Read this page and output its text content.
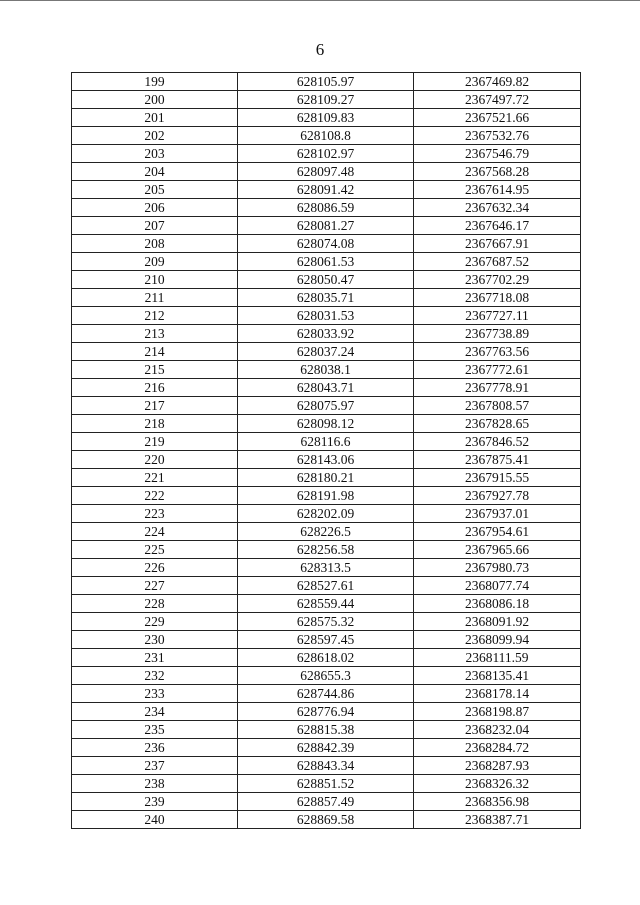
6
199	628105.97	2367469.82
200	628109.27	2367497.72
201	628109.83	2367521.66
202	628108.8	2367532.76
203	628102.97	2367546.79
204	628097.48	2367568.28
205	628091.42	2367614.95
206	628086.59	2367632.34
207	628081.27	2367646.17
208	628074.08	2367667.91
209	628061.53	2367687.52
210	628050.47	2367702.29
211	628035.71	2367718.08
212	628031.53	2367727.11
213	628033.92	2367738.89
214	628037.24	2367763.56
215	628038.1	2367772.61
216	628043.71	2367778.91
217	628075.97	2367808.57
218	628098.12	2367828.65
219	628116.6	2367846.52
220	628143.06	2367875.41
221	628180.21	2367915.55
222	628191.98	2367927.78
223	628202.09	2367937.01
224	628226.5	2367954.61
225	628256.58	2367965.66
226	628313.5	2367980.73
227	628527.61	2368077.74
228	628559.44	2368086.18
229	628575.32	2368091.92
230	628597.45	2368099.94
231	628618.02	2368111.59
232	628655.3	2368135.41
233	628744.86	2368178.14
234	628776.94	2368198.87
235	628815.38	2368232.04
236	628842.39	2368284.72
237	628843.34	2368287.93
238	628851.52	2368326.32
239	628857.49	2368356.98
240	628869.58	2368387.71
